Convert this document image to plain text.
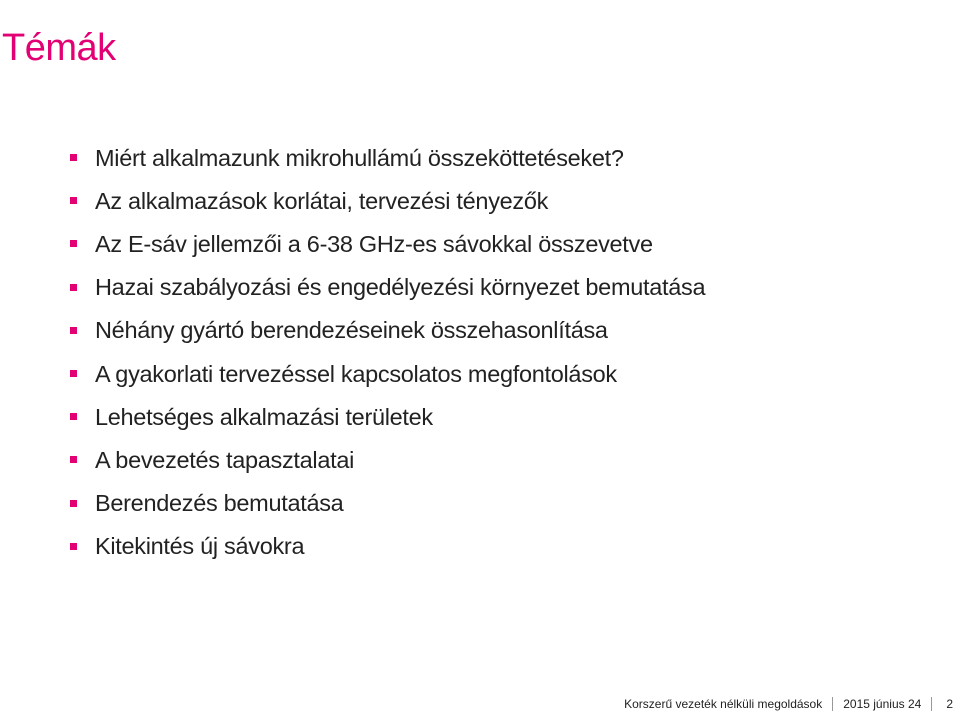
Témák
Miért alkalmazunk mikrohullámú összeköttetéseket?
Az alkalmazások korlátai, tervezési tényezők
Az E-sáv jellemzői a 6-38 GHz-es sávokkal összevetve
Hazai szabályozási és engedélyezési környezet bemutatása
Néhány gyártó berendezéseinek összehasonlítása
A gyakorlati tervezéssel kapcsolatos megfontolások
Lehetséges alkalmazási területek
A bevezetés tapasztalatai
Berendezés bemutatása
Kitekintés új sávokra
Korszerű vezeték nélküli megoldások	2015 június 24	2
